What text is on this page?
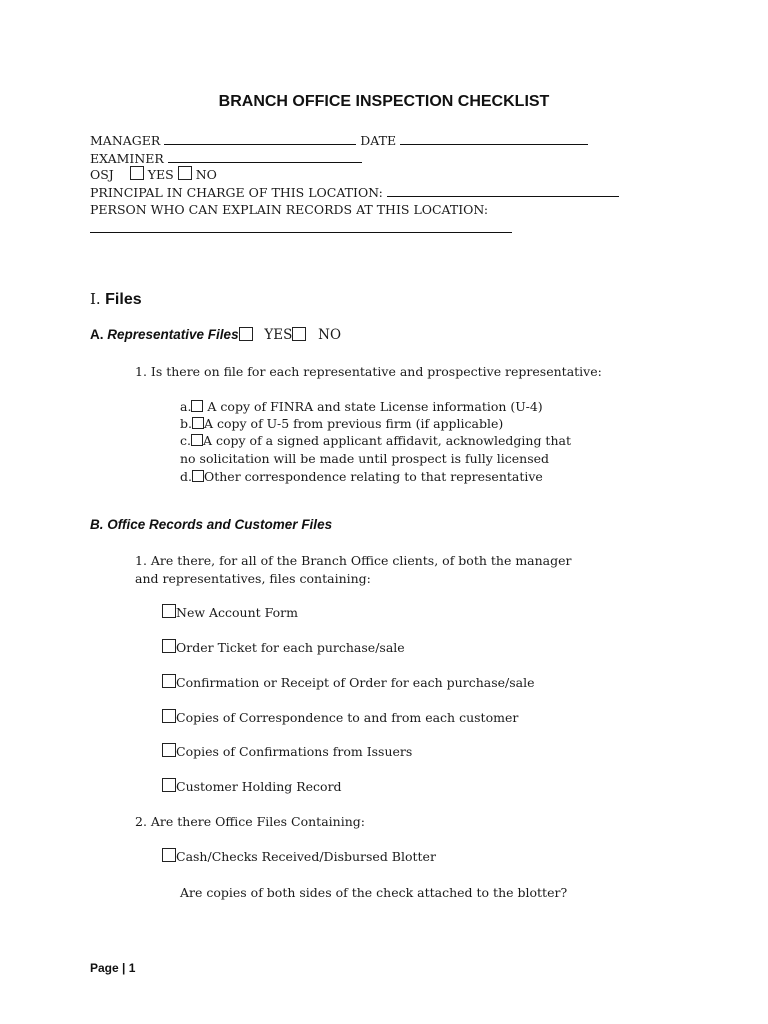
BRANCH OFFICE INSPECTION CHECKLIST
MANAGER	DATE
EXAMINER
OSJ	YES NO
PRINCIPAL IN CHARGE OF THIS LOCATION:
PERSON WHO CAN EXPLAIN RECORDS AT THIS LOCATION:
I. Files
A. Representative Files YES NO
1. Is there on file for each representative and prospective representative:
a. A copy of FINRA and state License information (U-4)
b. A copy of U-5 from previous firm (if applicable)
c. A copy of a signed applicant affidavit, acknowledging that
no solicitation will be made until prospect is fully licensed
d. Other correspondence relating to that representative
B. Office Records and Customer Files
1. Are there, for all of the Branch Office clients, of both the manager
and representatives, files containing:
New Account Form
Order Ticket for each purchase/sale
Confirmation or Receipt of Order for each purchase/sale
Copies of Correspondence to and from each customer
Copies of Confirmations from Issuers
Customer Holding Record
2. Are there Office Files Containing:
Cash/Checks Received/Disbursed Blotter
Are copies of both sides of the check attached to the blotter?
Page | 1
